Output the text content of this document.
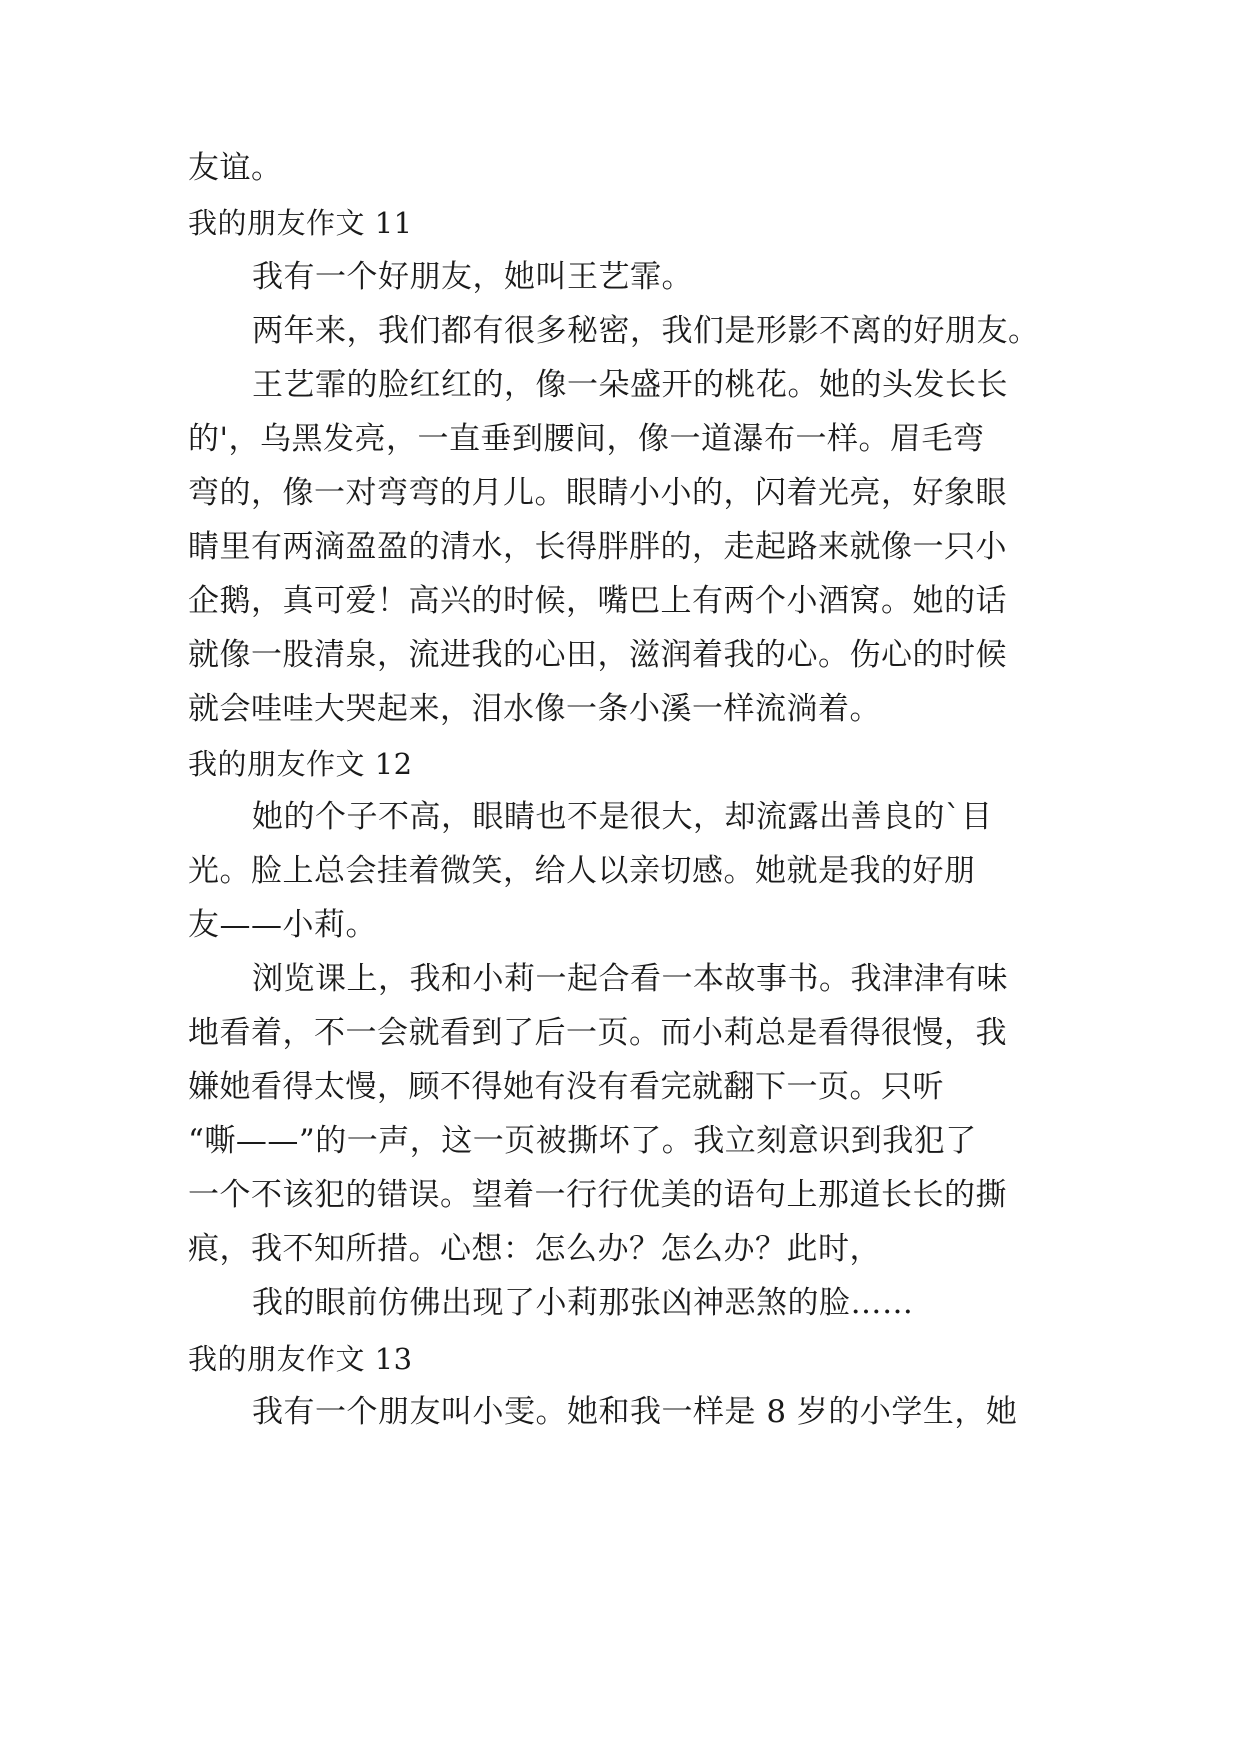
友谊。
我的朋友作文 11
我有一个好朋友，她叫王艺霏。
两年来，我们都有很多秘密，我们是形影不离的好朋友。
王艺霏的脸红红的，像一朵盛开的桃花。她的头发长长
的'，乌黑发亮，一直垂到腰间，像一道瀑布一样。眉毛弯
弯的，像一对弯弯的月儿。眼睛小小的，闪着光亮，好象眼
睛里有两滴盈盈的清水，长得胖胖的，走起路来就像一只小
企鹅，真可爱！高兴的时候，嘴巴上有两个小酒窝。她的话
就像一股清泉，流进我的心田，滋润着我的心。伤心的时候
就会哇哇大哭起来，泪水像一条小溪一样流淌着。
我的朋友作文 12
她的个子不高，眼睛也不是很大，却流露出善良的`目
光。脸上总会挂着微笑，给人以亲切感。她就是我的好朋
友——小莉。
浏览课上，我和小莉一起合看一本故事书。我津津有味
地看着，不一会就看到了后一页。而小莉总是看得很慢，我
嫌她看得太慢，顾不得她有没有看完就翻下一页。只听
“嘶——”的一声，这一页被撕坏了。我立刻意识到我犯了
一个不该犯的错误。望着一行行优美的语句上那道长长的撕
痕，我不知所措。心想：怎么办？怎么办？此时，
我的眼前仿佛出现了小莉那张凶神恶煞的脸……
我的朋友作文 13
我有一个朋友叫小雯。她和我一样是 8 岁的小学生，她
